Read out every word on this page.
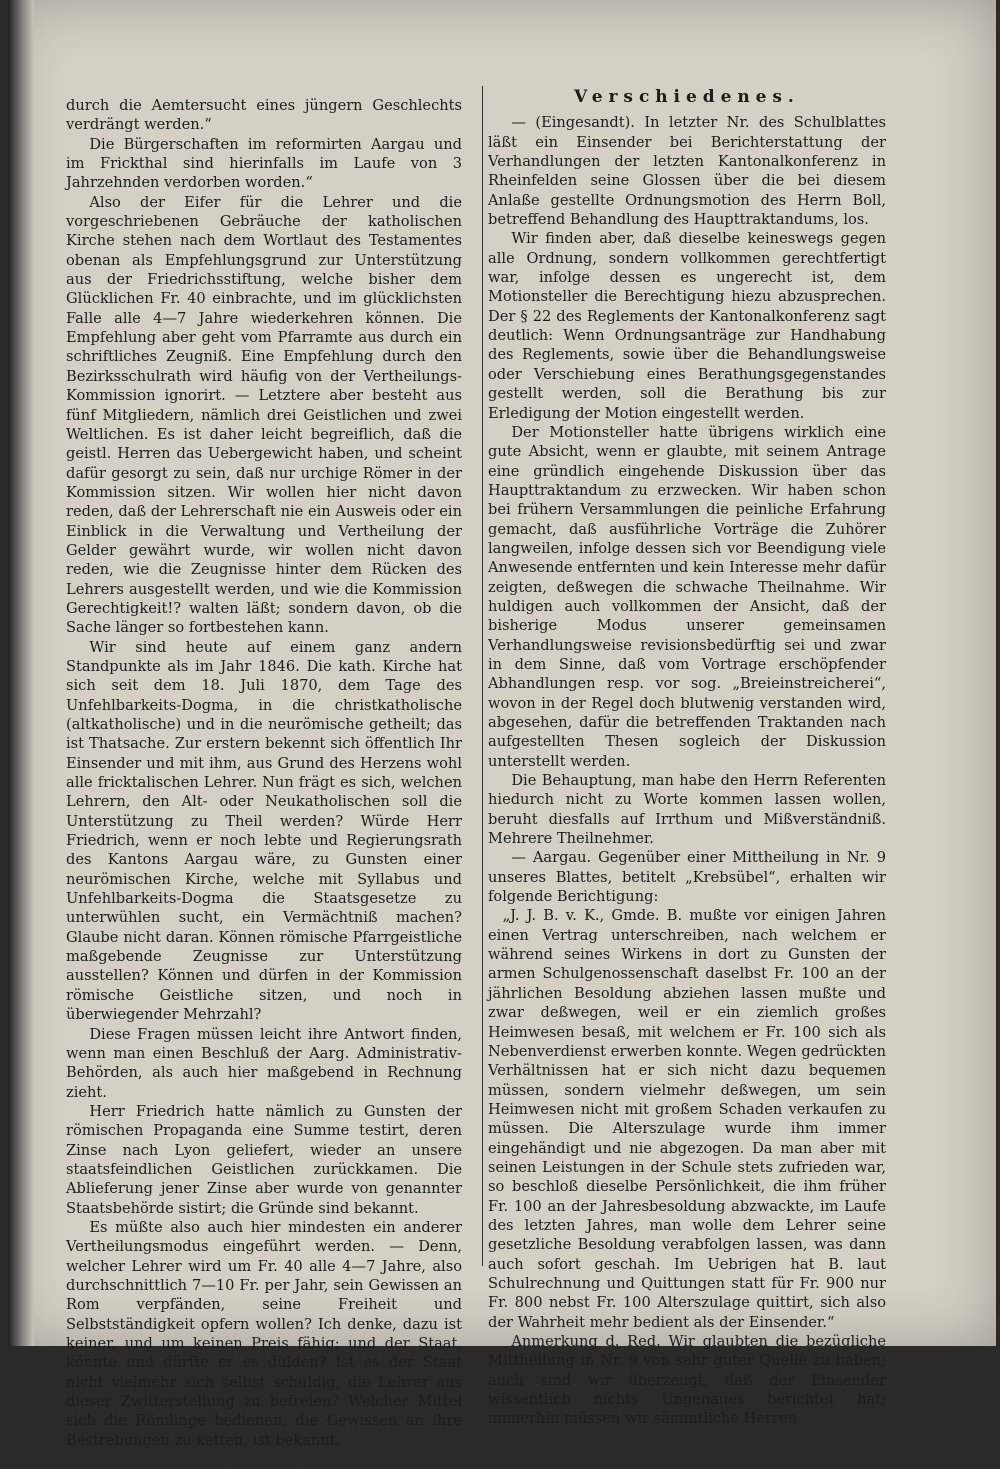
durch die Aemtersucht eines jüngern Geschlechts verdrängt werden.“

Die Bürgerschaften im reformirten Aargau und im Frickthal sind hierinfalls im Laufe von 3 Jahrzehnden verdorben worden.“

Also der Eifer für die Lehrer und die vorgeschriebenen Gebräuche der katholischen Kirche stehen nach dem Wortlaut des Testamentes obenan als Empfehlungsgrund zur Unterstützung aus der Friedrichsstiftung, welche bisher dem Glücklichen Fr. 40 einbrachte, und im glücklichsten Falle alle 4—7 Jahre wiederkehren können. Die Empfehlung aber geht vom Pfarramte aus durch ein schriftliches Zeugniß. Eine Empfehlung durch den Bezirksschulrath wird häufig von der Vertheilungs-Kommission ignorirt. — Letztere aber besteht aus fünf Mitgliedern, nämlich drei Geistlichen und zwei Weltlichen. Es ist daher leicht begreiflich, daß die geistl. Herren das Uebergewicht haben, und scheint dafür gesorgt zu sein, daß nur urchige Römer in der Kommission sitzen. Wir wollen hier nicht davon reden, daß der Lehrerschaft nie ein Ausweis oder ein Einblick in die Verwaltung und Vertheilung der Gelder gewährt wurde, wir wollen nicht davon reden, wie die Zeugnisse hinter dem Rücken des Lehrers ausgestellt werden, und wie die Kommission Gerechtigkeit!? walten läßt; sondern davon, ob die Sache länger so fortbestehen kann.

Wir sind heute auf einem ganz andern Standpunkte als im Jahr 1846. Die kath. Kirche hat sich seit dem 18. Juli 1870, dem Tage des Unfehlbarkeits-Dogma, in die christkatholische (altkatholische) und in die neurömische getheilt; das ist Thatsache. Zur erstern bekennt sich öffentlich Ihr Einsender und mit ihm, aus Grund des Herzens wohl alle fricktalischen Lehrer. Nun frägt es sich, welchen Lehrern, den Alt- oder Neukatholischen soll die Unterstützung zu Theil werden? Würde Herr Friedrich, wenn er noch lebte und Regierungsrath des Kantons Aargau wäre, zu Gunsten einer neurömischen Kirche, welche mit Syllabus und Unfehlbarkeits-Dogma die Staatsgesetze zu unterwühlen sucht, ein Vermächtniß machen? Glaube nicht daran. Können römische Pfarrgeistliche maßgebende Zeugnisse zur Unterstützung ausstellen? Können und dürfen in der Kommission römische Geistliche sitzen, und noch in überwiegender Mehrzahl?

Diese Fragen müssen leicht ihre Antwort finden, wenn man einen Beschluß der Aarg. Administrativ-Behörden, als auch hier maßgebend in Rechnung zieht.

Herr Friedrich hatte nämlich zu Gunsten der römischen Propaganda eine Summe testirt, deren Zinse nach Lyon geliefert, wieder an unsere staatsfeindlichen Geistlichen zurückkamen. Die Ablieferung jener Zinse aber wurde von genannter Staatsbehörde sistirt; die Gründe sind bekannt.

Es müßte also auch hier mindesten ein anderer Vertheilungsmodus eingeführt werden. — Denn, welcher Lehrer wird um Fr. 40 alle 4—7 Jahre, also durchschnittlich 7—10 Fr. per Jahr, sein Gewissen an Rom verpfänden, seine Freiheit und Selbstständigkeit opfern wollen? Ich denke, dazu ist keiner, und um keinen Preis fähig; und der Staat, könnte und dürfte er es dulden? Ist es der Staat nicht vielmehr sich selbst schuldig, die Lehrer aus dieser Zwitterstellung zu befreien? Welcher Mittel sich die Römlinge bedienen, die Gewissen an ihre Bestrebungen zu ketten, ist bekannt.

Verschiedenes.

— (Eingesandt). In letzter Nr. des Schulblattes läßt ein Einsender bei Berichterstattung der Verhandlungen der letzten Kantonalkonferenz in Rheinfelden seine Glossen über die bei diesem Anlaße gestellte Ordnungsmotion des Herrn Boll, betreffend Behandlung des Haupttraktandums, los.

Wir finden aber, daß dieselbe keineswegs gegen alle Ordnung, sondern vollkommen gerechtfertigt war, infolge dessen es ungerecht ist, dem Motionsteller die Berechtigung hiezu abzusprechen. Der § 22 des Reglements der Kantonalkonferenz sagt deutlich: Wenn Ordnungsanträge zur Handhabung des Reglements, sowie über die Behandlungsweise oder Verschiebung eines Berathungsgegenstandes gestellt werden, soll die Berathung bis zur Erledigung der Motion eingestellt werden.

Der Motionsteller hatte übrigens wirklich eine gute Absicht, wenn er glaubte, mit seinem Antrage eine gründlich eingehende Diskussion über das Haupttraktandum zu erzwecken. Wir haben schon bei frühern Versammlungen die peinliche Erfahrung gemacht, daß ausführliche Vorträge die Zuhörer langweilen, infolge dessen sich vor Beendigung viele Anwesende entfernten und kein Interesse mehr dafür zeigten, deßwegen die schwache Theilnahme. Wir huldigen auch vollkommen der Ansicht, daß der bisherige Modus unserer gemeinsamen Verhandlungsweise revisionsbedürftig sei und zwar in dem Sinne, daß vom Vortrage erschöpfender Abhandlungen resp. vor sog. „Breieinstreicherei“, wovon in der Regel doch blutwenig verstanden wird, abgesehen, dafür die betreffenden Traktanden nach aufgestellten Thesen sogleich der Diskussion unterstellt werden.

Die Behauptung, man habe den Herrn Referenten hiedurch nicht zu Worte kommen lassen wollen, beruht diesfalls auf Irrthum und Mißverständniß. Mehrere Theilnehmer.

— Aargau. Gegenüber einer Mittheilung in Nr. 9 unseres Blattes, betitelt „Krebsübel“, erhalten wir folgende Berichtigung:

„J. J. B. v. K., Gmde. B. mußte vor einigen Jahren einen Vertrag unterschreiben, nach welchem er während seines Wirkens in dort zu Gunsten der armen Schulgenossenschaft daselbst Fr. 100 an der jährlichen Besoldung abziehen lassen mußte und zwar deßwegen, weil er ein ziemlich großes Heimwesen besaß, mit welchem er Fr. 100 sich als Nebenverdienst erwerben konnte. Wegen gedrückten Verhältnissen hat er sich nicht dazu bequemen müssen, sondern vielmehr deßwegen, um sein Heimwesen nicht mit großem Schaden verkaufen zu müssen. Die Alterszulage wurde ihm immer eingehändigt und nie abgezogen. Da man aber mit seinen Leistungen in der Schule stets zufrieden war, so beschloß dieselbe Persönlichkeit, die ihm früher Fr. 100 an der Jahresbesoldung abzwackte, im Laufe des letzten Jahres, man wolle dem Lehrer seine gesetzliche Besoldung verabfolgen lassen, was dann auch sofort geschah. Im Uebrigen hat B. laut Schulrechnung und Quittungen statt für Fr. 900 nur Fr. 800 nebst Fr. 100 Alterszulage quittirt, sich also der Wahrheit mehr bedient als der Einsender.“

Anmerkung d. Red. Wir glaubten die bezügliche Mittheilung in Nr. 9 von sehr guter Quelle zu haben; auch sind wir überzeugt, daß der Einsender wissentlich nichts Ungenaues berichtet hat; immerhin müssen wir sämmtliche Herren
